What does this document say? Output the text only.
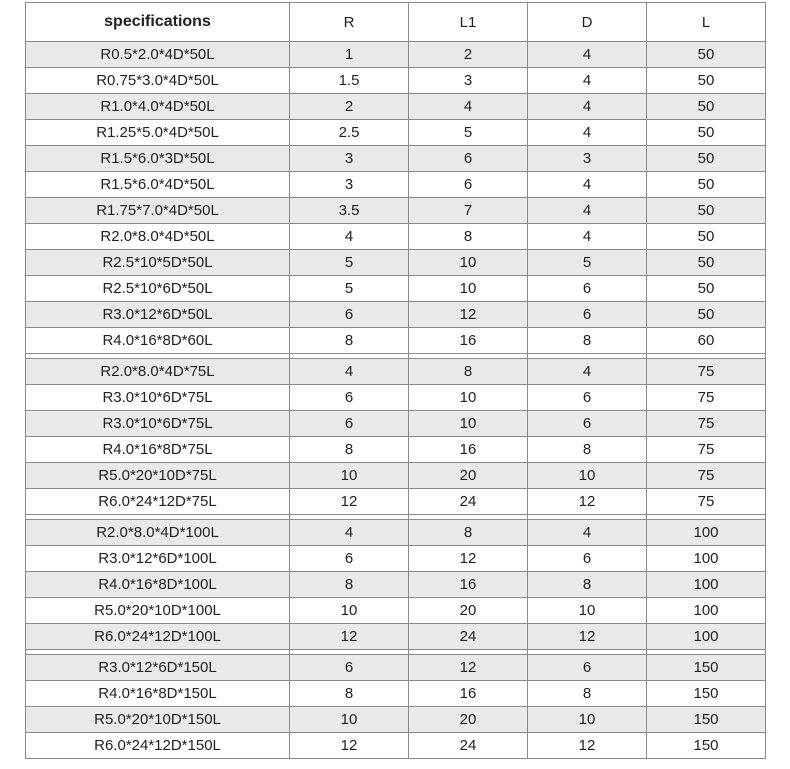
specifications	R	L1	D	L
R0.5*2.0*4D*50L	1	2	4	50
R0.75*3.0*4D*50L	1.5	3	4	50
R1.0*4.0*4D*50L	2	4	4	50
R1.25*5.0*4D*50L	2.5	5	4	50
R1.5*6.0*3D*50L	3	6	3	50
R1.5*6.0*4D*50L	3	6	4	50
R1.75*7.0*4D*50L	3.5	7	4	50
R2.0*8.0*4D*50L	4	8	4	50
R2.5*10*5D*50L	5	10	5	50
R2.5*10*6D*50L	5	10	6	50
R3.0*12*6D*50L	6	12	6	50
R4.0*16*8D*60L	8	16	8	60

R2.0*8.0*4D*75L	4	8	4	75
R3.0*10*6D*75L	6	10	6	75
R3.0*10*6D*75L	6	10	6	75
R4.0*16*8D*75L	8	16	8	75
R5.0*20*10D*75L	10	20	10	75
R6.0*24*12D*75L	12	24	12	75

R2.0*8.0*4D*100L	4	8	4	100
R3.0*12*6D*100L	6	12	6	100
R4.0*16*8D*100L	8	16	8	100
R5.0*20*10D*100L	10	20	10	100
R6.0*24*12D*100L	12	24	12	100

R3.0*12*6D*150L	6	12	6	150
R4.0*16*8D*150L	8	16	8	150
R5.0*20*10D*150L	10	20	10	150
R6.0*24*12D*150L	12	24	12	150
